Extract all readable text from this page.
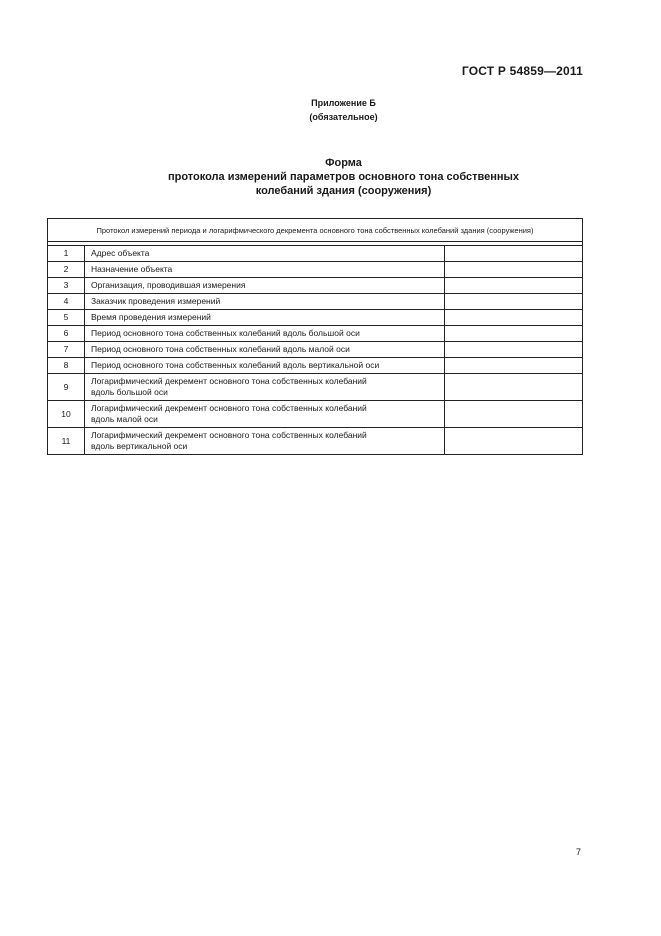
ГОСТ Р 54859—2011
Приложение Б
(обязательное)
Форма
протокола измерений параметров основного тона собственных
колебаний здания (сооружения)
Протокол измерений периода и логарифмического декремента основного тона собственных колебаний здания (сооружения)		

1	Адрес объекта	

2	Назначение объекта	

3	Организация, проводившая измерения	

4	Заказчик проведения измерений	

5	Время проведения измерений	

6	Период основного тона собственных колебаний вдоль большой оси	

7	Период основного тона собственных колебаний вдоль малой оси	

8	Период основного тона собственных колебаний вдоль вертикальной оси	

9	Логарифмический декремент основного тона собственных колебаний
вдоль большой оси	

10	Логарифмический декремент основного тона собственных колебаний
вдоль малой оси	

11	Логарифмический декремент основного тона собственных колебаний
вдоль вертикальной оси	

7
